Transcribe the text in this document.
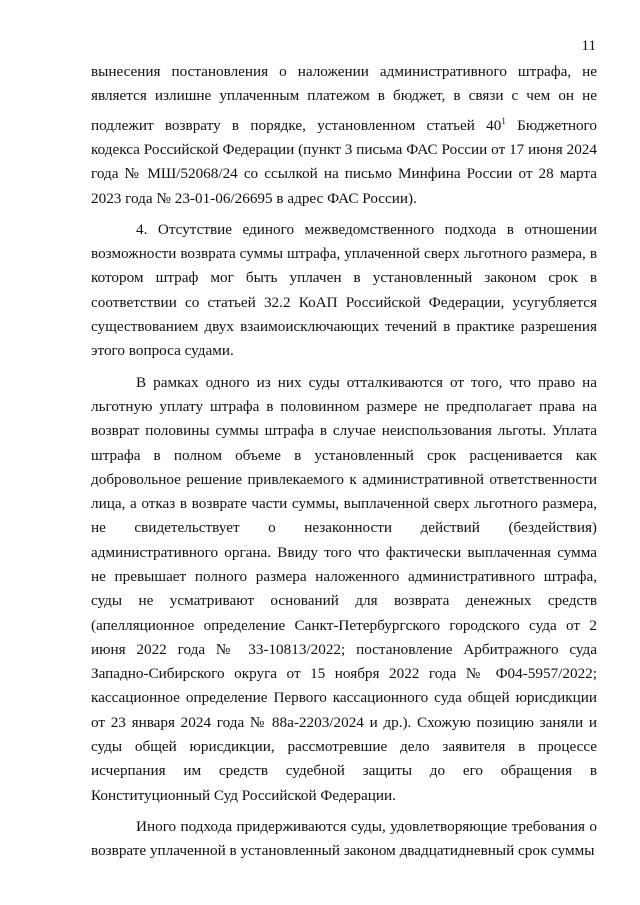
11

вынесения постановления о наложении административного штрафа, не является излишне уплаченным платежом в бюджет, в связи с чем он не подлежит возврату в порядке, установленном статьей $40^1$ Бюджетного кодекса Российской Федерации (пункт 3 письма ФАС России от 17 июня 2024 года № МШ/52068/24 со ссылкой на письмо Минфина России от 28 марта 2023 года № 23-01-06/26695 в адрес ФАС России).

4. Отсутствие единого межведомственного подхода в отношении возможности возврата суммы штрафа, уплаченной сверх льготного размера, в котором штраф мог быть уплачен в установленный законом срок в соответствии со статьей 32.2 КоАП Российской Федерации, усугубляется существованием двух взаимоисключающих течений в практике разрешения этого вопроса судами.

В рамках одного из них суды отталкиваются от того, что право на льготную уплату штрафа в половинном размере не предполагает права на возврат половины суммы штрафа в случае неиспользования льготы. Уплата штрафа в полном объеме в установленный срок расценивается как добровольное решение привлекаемого к административной ответственности лица, а отказ в возврате части суммы, выплаченной сверх льготного размера, не свидетельствует о незаконности действий (бездействия) административного органа. Ввиду того что фактически выплаченная сумма не превышает полного размера наложенного административного штрафа, суды не усматривают оснований для возврата денежных средств (апелляционное определение Санкт-Петербургского городского суда от 2 июня 2022 года № 33-10813/2022; постановление Арбитражного суда Западно-Сибирского округа от 15 ноября 2022 года № Ф04-5957/2022; кассационное определение Первого кассационного суда общей юрисдикции от 23 января 2024 года № 88а-2203/2024 и др.). Схожую позицию заняли и суды общей юрисдикции, рассмотревшие дело заявителя в процессе исчерпания им средств судебной защиты до его обращения в Конституционный Суд Российской Федерации.

Иного подхода придерживаются суды, удовлетворяющие требования о возврате уплаченной в установленный законом двадцатидневный срок суммы
